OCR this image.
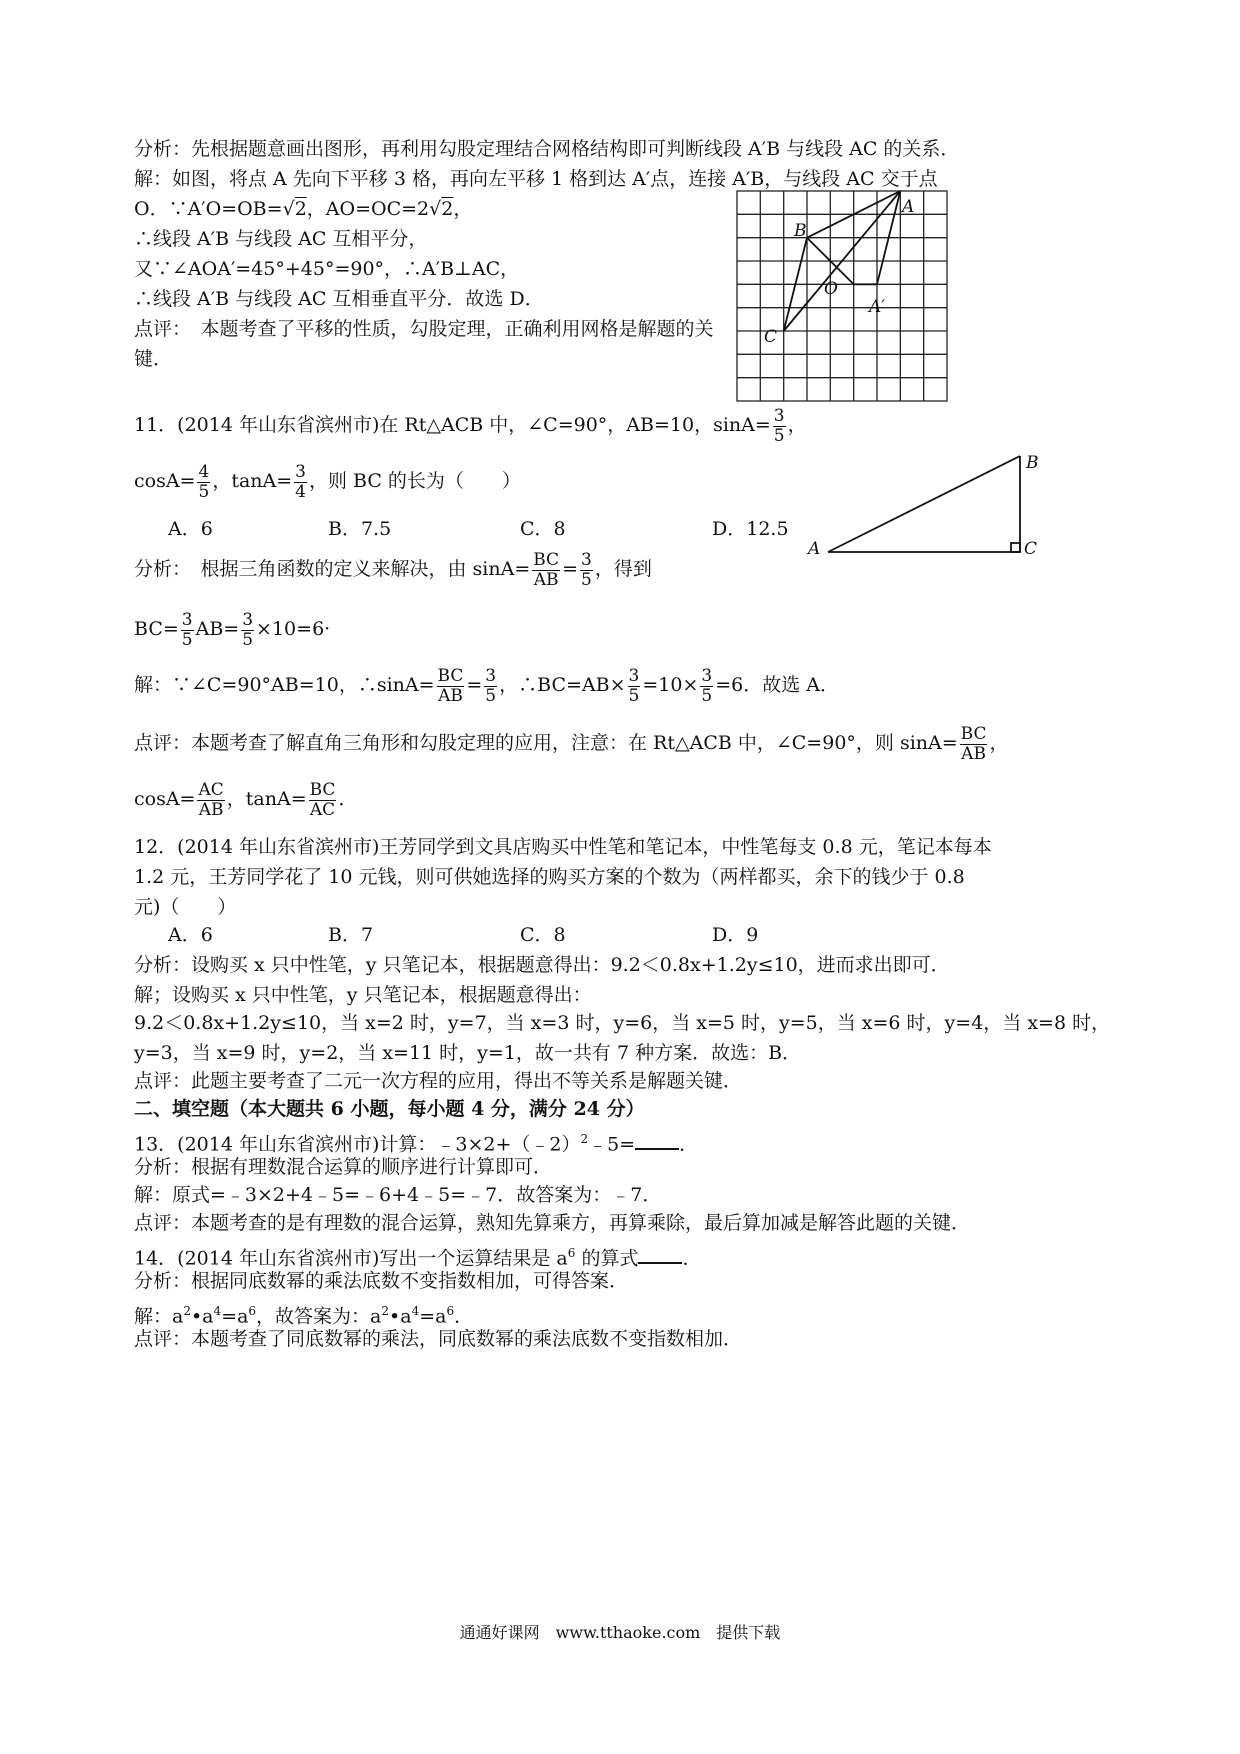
分析：先根据题意画出图形，再利用勾股定理结合网格结构即可判断线段 A′B 与线段 AC 的关系．
解：如图，将点 A 先向下平移 3 格，再向左平移 1 格到达 A′点，连接 A′B，与线段 AC 交于点
O．∵A′O=OB=√2，AO=OC=2√2，
∴线段 A′B 与线段 AC 互相平分，
又∵∠AOA′=45°+45°=90°，∴A′B⊥AC，
∴线段 A′B 与线段 AC 互相垂直平分．故选 D．
点评：　本题考查了平移的性质，勾股定理，正确利用网格是解题的关
键．
A
B
C
O
A′
11．(2014 年山东省滨州市)在 Rt△ACB 中，∠C=90°，AB=10，$\sin A= \frac{3}{5}$ ，
$\cos A= \frac{4}{5}$ ，$\tan A= \frac{3}{4}$ ，则 BC 的长为（　　）
A．6	B．7.5	C．8	D．12.5
A
B
C
分析：　根据三角函数的定义来解决，由 $\sin A= \frac{BC}{AB} = \frac{3}{5}$ ，得到
$BC= \frac{3}{5} AB= \frac{3}{5} \times 10=6\cdot$
解：∵∠C=90°AB=10，∴sinA= $\frac{BC}{AB} = \frac{3}{5}$ ，∴BC=AB× $\frac{3}{5} =10\times \frac{3}{5} =6$．故选 A．
点评：本题考查了解直角三角形和勾股定理的应用，注意：在 Rt△ACB 中，∠C=90°，则 $\sin A= \frac{BC}{AB}$ ，
$\cos A= \frac{AC}{AB}$ ，$\tan A= \frac{BC}{AC}$ ．
12．(2014 年山东省滨州市)王芳同学到文具店购买中性笔和笔记本，中性笔每支 0.8 元，笔记本每本
1.2 元，王芳同学花了 10 元钱，则可供她选择的购买方案的个数为（两样都买，余下的钱少于 0.8
元)（　　）
A．6	B．7	C．8	D．9
分析：设购买 x 只中性笔，y 只笔记本，根据题意得出：9.2＜0.8x+1.2y≤10，进而求出即可．
解；设购买 x 只中性笔，y 只笔记本，根据题意得出：
9.2＜0.8x+1.2y≤10，当 x=2 时，y=7，当 x=3 时，y=6，当 x=5 时，y=5，当 x=6 时，y=4，当 x=8 时，
y=3，当 x=9 时，y=2，当 x=11 时，y=1，故一共有 7 种方案．故选：B．
点评：此题主要考查了二元一次方程的应用，得出不等关系是解题关键．
二、填空题（本大题共 6 小题，每小题 4 分，满分 24 分）
13．(2014 年山东省滨州市)计算：﹣3×2+（﹣2）$^2$﹣5= ．
分析：根据有理数混合运算的顺序进行计算即可．
解：原式=﹣3×2+4﹣5=﹣6+4﹣5=﹣7．故答案为：﹣7．
点评：本题考查的是有理数的混合运算，熟知先算乘方，再算乘除，最后算加减是解答此题的关键．
14．(2014 年山东省滨州市)写出一个运算结果是 $a^6$ 的算式 ．
分析：根据同底数幂的乘法底数不变指数相加，可得答案．
解：$a^2•a^4=a^6$，故答案为：$a^2•a^4=a^6$．
点评：本题考查了同底数幂的乘法，同底数幂的乘法底数不变指数相加．
通通好课网　www.tthaoke.com　提供下载
